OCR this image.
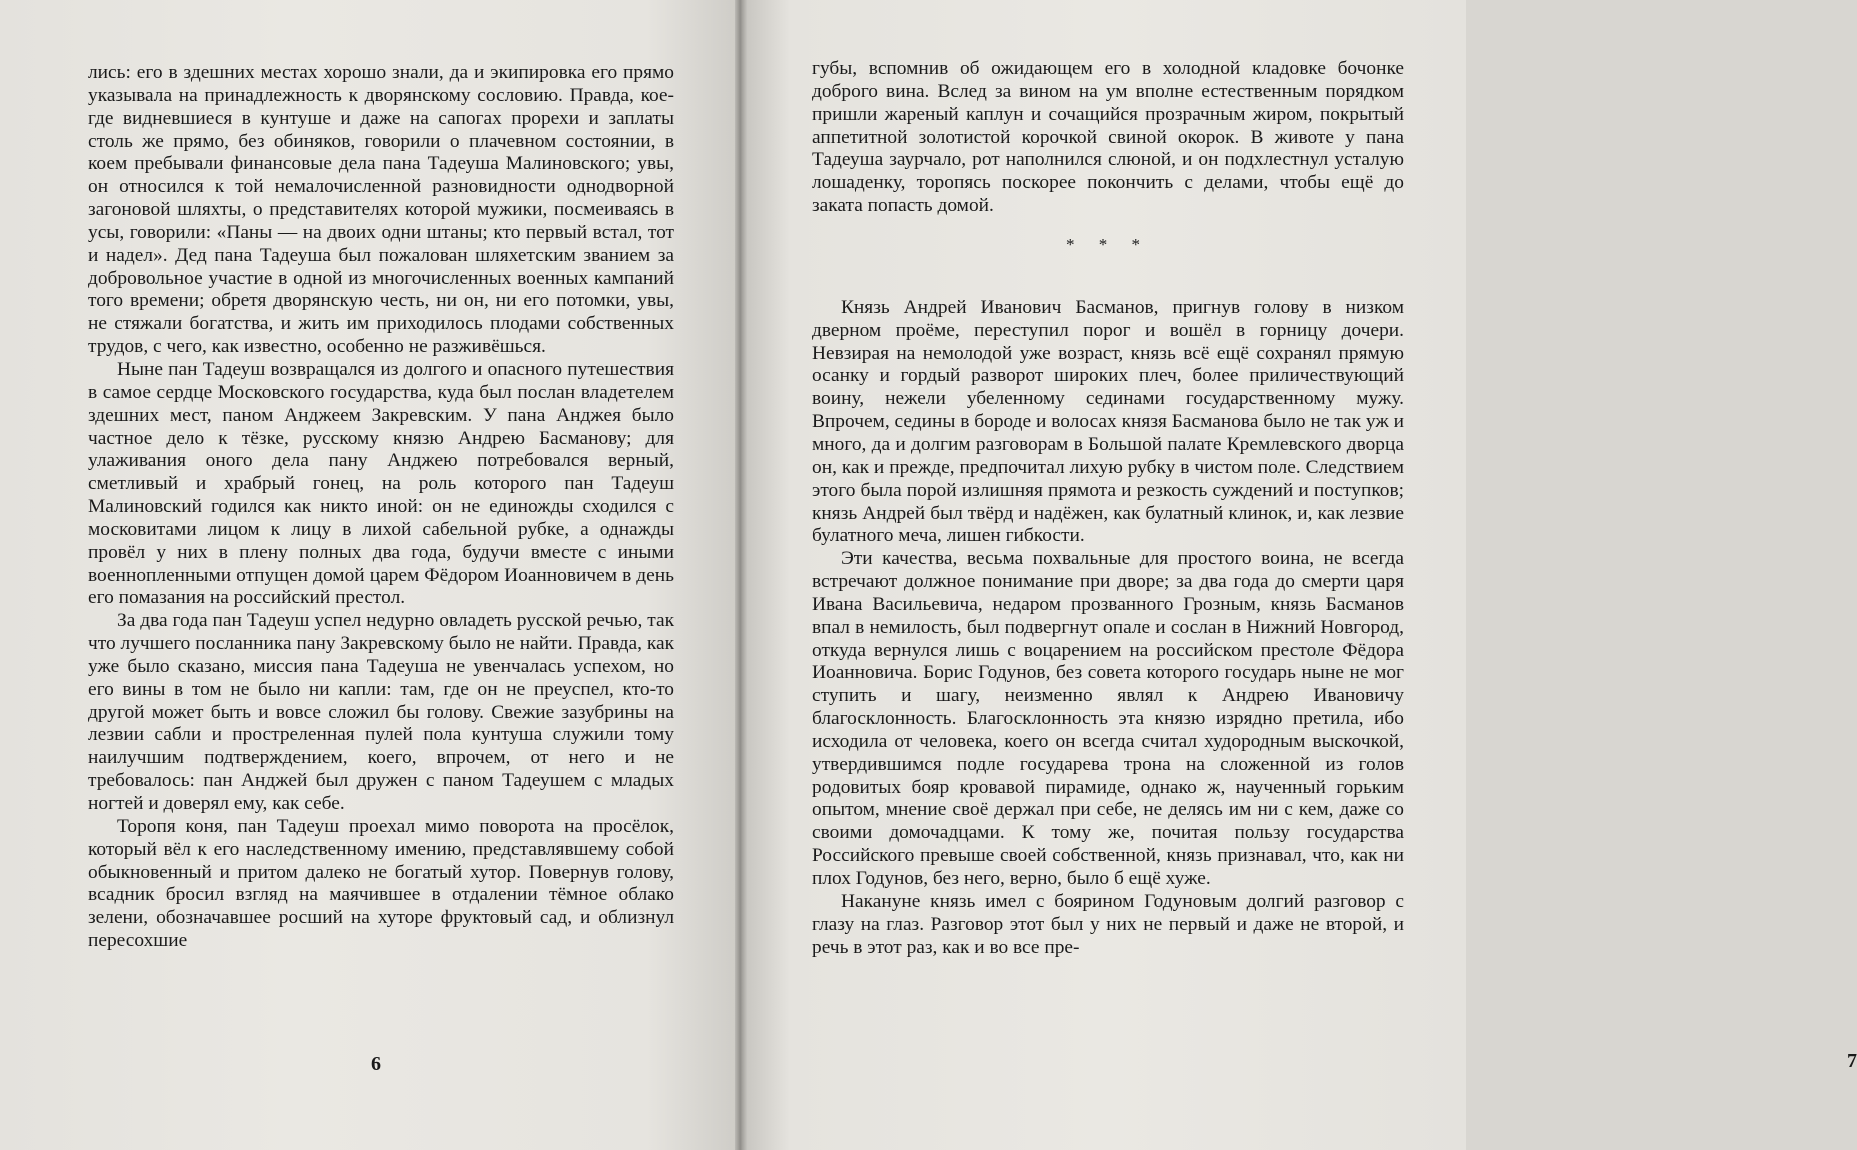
лись: его в здешних местах хорошо знали, да и экипировка его прямо указывала на принадлежность к дворянскому сословию. Правда, кое-где видневшиеся в кунтуше и даже на сапогах прорехи и заплаты столь же прямо, без обиняков, говорили о плачевном состоянии, в коем пребывали финансовые дела пана Тадеуша Малиновского; увы, он относился к той немалочисленной разновидности однодворной загоновой шляхты, о представителях которой мужики, посмеиваясь в усы, говорили: «Паны — на двоих одни штаны; кто первый встал, тот и надел». Дед пана Тадеуша был пожалован шляхетским званием за добровольное участие в одной из многочисленных военных кампаний того времени; обретя дворянскую честь, ни он, ни его потомки, увы, не стяжали богатства, и жить им приходилось плодами собственных трудов, с чего, как известно, особенно не разживёшься.

Ныне пан Тадеуш возвращался из долгого и опасного путешествия в самое сердце Московского государства, куда был послан владетелем здешних мест, паном Анджеем Закревским. У пана Анджея было частное дело к тёзке, русскому князю Андрею Басманову; для улаживания оного дела пану Анджею потребовался верный, сметливый и храбрый гонец, на роль которого пан Тадеуш Малиновский годился как никто иной: он не единожды сходился с московитами лицом к лицу в лихой сабельной рубке, а однажды провёл у них в плену полных два года, будучи вместе с иными военнопленными отпущен домой царем Фёдором Иоанновичем в день его помазания на российский престол.

За два года пан Тадеуш успел недурно овладеть русской речью, так что лучшего посланника пану Закревскому было не найти. Правда, как уже было сказано, миссия пана Тадеуша не увенчалась успехом, но его вины в том не было ни капли: там, где он не преуспел, кто-то другой может быть и вовсе сложил бы голову. Свежие зазубрины на лезвии сабли и простреленная пулей пола кунтуша служили тому наилучшим подтверждением, коего, впрочем, от него и не требовалось: пан Анджей был дружен с паном Тадеушем с младых ногтей и доверял ему, как себе.

Торопя коня, пан Тадеуш проехал мимо поворота на просёлок, который вёл к его наследственному имению, представлявшему собой обыкновенный и притом далеко не богатый хутор. Повернув голову, всадник бросил взгляд на маячившее в отдалении тёмное облако зелени, обозначавшее росший на хуторе фруктовый сад, и облизнул пересохшие

6	7

губы, вспомнив об ожидающем его в холодной кладовке бочонке доброго вина. Вслед за вином на ум вполне естественным порядком пришли жареный каплун и сочащийся прозрачным жиром, покрытый аппетитной золотистой корочкой свиной окорок. В животе у пана Тадеуша заурчало, рот наполнился слюной, и он подхлестнул усталую лошаденку, торопясь поскорее покончить с делами, чтобы ещё до заката попасть домой.

* * *

Князь Андрей Иванович Басманов, пригнув голову в низком дверном проёме, переступил порог и вошёл в горницу дочери. Невзирая на немолодой уже возраст, князь всё ещё сохранял прямую осанку и гордый разворот широких плеч, более приличествующий воину, нежели убеленному сединами государственному мужу. Впрочем, седины в бороде и волосах князя Басманова было не так уж и много, да и долгим разговорам в Большой палате Кремлевского дворца он, как и прежде, предпочитал лихую рубку в чистом поле. Следствием этого была порой излишняя прямота и резкость суждений и поступков; князь Андрей был твёрд и надёжен, как булатный клинок, и, как лезвие булатного меча, лишен гибкости.

Эти качества, весьма похвальные для простого воина, не всегда встречают должное понимание при дворе; за два года до смерти царя Ивана Васильевича, недаром прозванного Грозным, князь Басманов впал в немилость, был подвергнут опале и сослан в Нижний Новгород, откуда вернулся лишь с воцарением на российском престоле Фёдора Иоанновича. Борис Годунов, без совета которого государь ныне не мог ступить и шагу, неизменно являл к Андрею Ивановичу благосклонность. Благосклонность эта князю изрядно претила, ибо исходила от человека, коего он всегда считал худородным выскочкой, утвердившимся подле государева трона на сложенной из голов родовитых бояр кровавой пирамиде, однако ж, наученный горьким опытом, мнение своё держал при себе, не делясь им ни с кем, даже со своими домочадцами. К тому же, почитая пользу государства Российского превыше своей собственной, князь признавал, что, как ни плох Годунов, без него, верно, было б ещё хуже.

Накануне князь имел с боярином Годуновым долгий разговор с глазу на глаз. Разговор этот был у них не первый и даже не второй, и речь в этот раз, как и во все пре-
